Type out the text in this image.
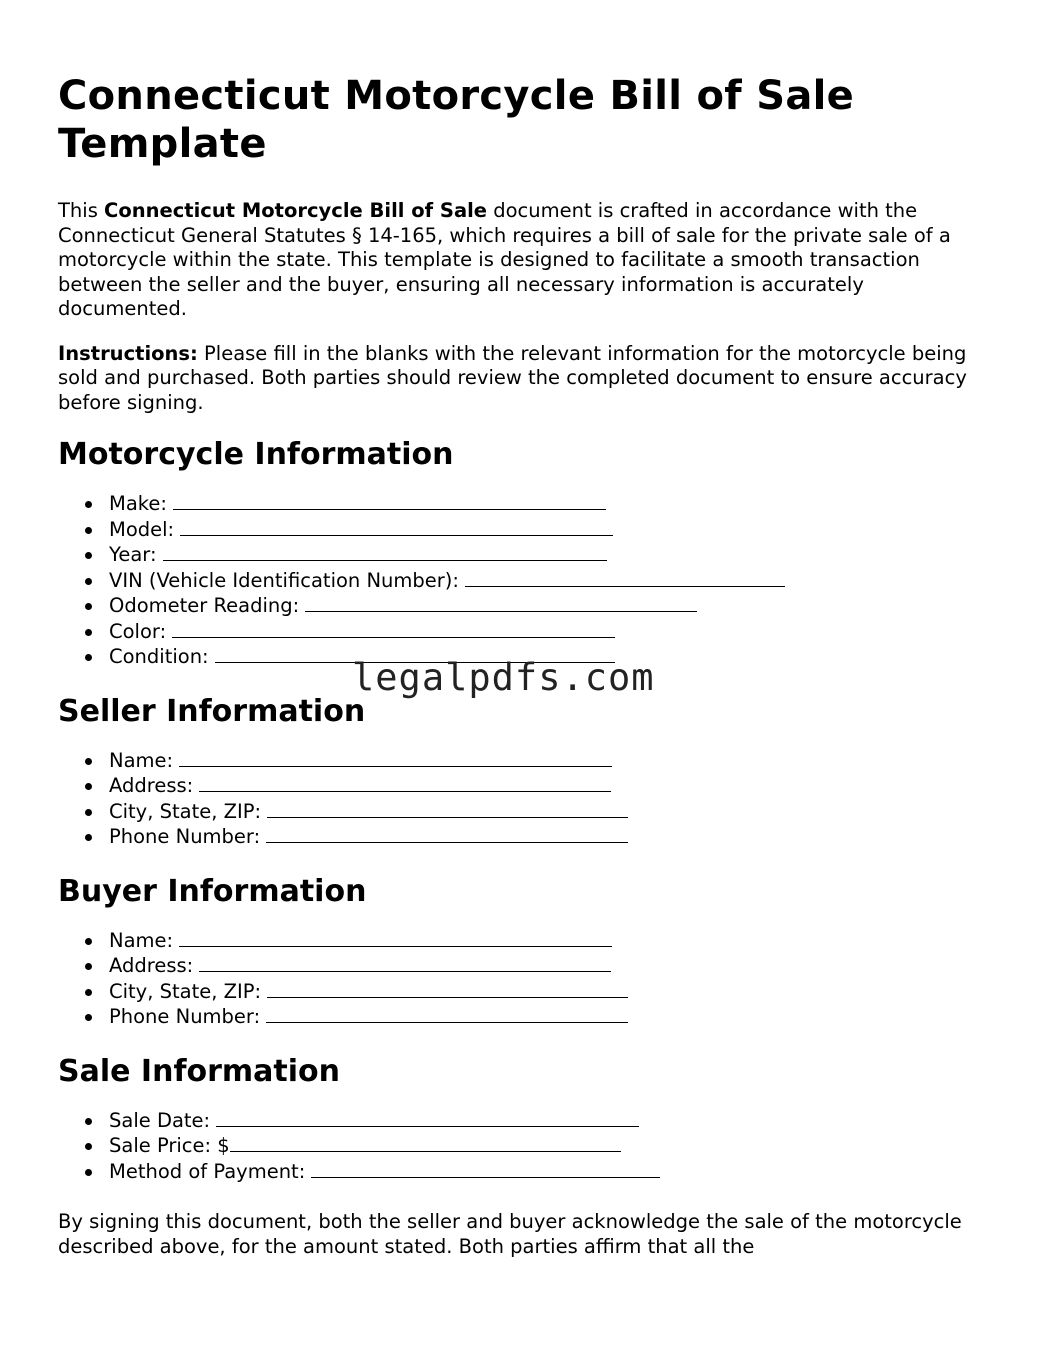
Connecticut Motorcycle Bill of Sale Template

This Connecticut Motorcycle Bill of Sale document is crafted in accordance with the Connecticut General Statutes § 14-165, which requires a bill of sale for the private sale of a motorcycle within the state. This template is designed to facilitate a smooth transaction between the seller and the buyer, ensuring all necessary information is accurately documented.

Instructions: Please fill in the blanks with the relevant information for the motorcycle being sold and purchased. Both parties should review the completed document to ensure accuracy before signing.

Motorcycle Information
Make:
Model:
Year:
VIN (Vehicle Identification Number):
Odometer Reading:
Color:
Condition:
Seller Information
Name:
Address:
City, State, ZIP:
Phone Number:
Buyer Information
Name:
Address:
City, State, ZIP:
Phone Number:
Sale Information
Sale Date:
Sale Price: $
Method of Payment:

By signing this document, both the seller and buyer acknowledge the sale of the motorcycle described above, for the amount stated. Both parties affirm that all the

legalpdfs.com
